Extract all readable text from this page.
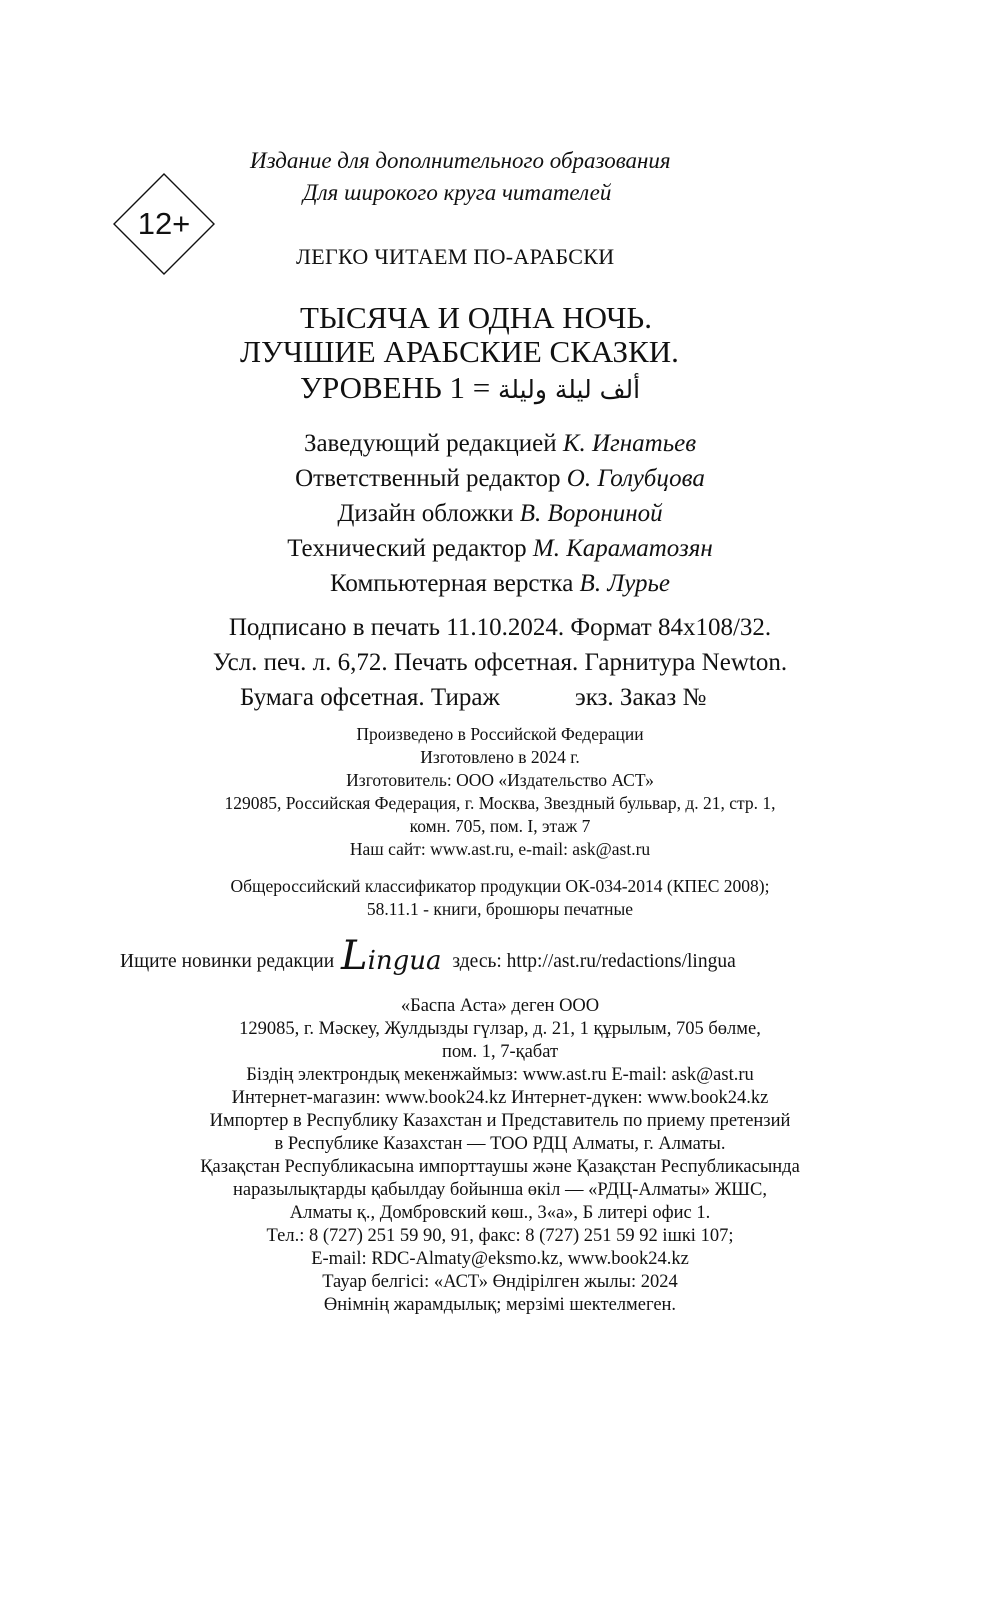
12+
Издание для дополнительного образования
Для широкого круга читателей
ЛЕГКО ЧИТАЕМ ПО-АРАБСКИ
ТЫСЯЧА И ОДНА НОЧЬ.
ЛУЧШИЕ АРАБСКИЕ СКАЗКИ.
УРОВЕНЬ 1 = ألف ليلة وليلة
Заведующий редакцией К. Игнатьев
Ответственный редактор О. Голубцова
Дизайн обложки В. Ворониной
Технический редактор М. Караматозян
Компьютерная верстка В. Лурье
Подписано в печать 11.10.2024. Формат 84х108/32.
Усл. печ. л. 6,72. Печать офсетная. Гарнитура Newton.
Бумага офсетная. Тираж	экз. Заказ №
Произведено в Российской Федерации
Изготовлено в 2024 г.
Изготовитель: ООО «Издательство АСТ»
129085, Российская Федерация, г. Москва, Звездный бульвар, д. 21, стр. 1,
комн. 705, пом. I, этаж 7
Наш сайт: www.ast.ru, e-mail: ask@ast.ru
Общероссийский классификатор продукции ОК-034-2014 (КПЕС 2008);
58.11.1 - книги, брошюры печатные
Ищите новинки редакции Lingua здесь: http://ast.ru/redactions/lingua
«Баспа Аста» деген ООО
129085, г. Мәскеу, Жулдызды гүлзар, д. 21, 1 құрылым, 705 бөлме,
пом. 1, 7-қабат
Біздің электрондық мекенжаймыз: www.ast.ru E-mail: ask@ast.ru
Интернет-магазин: www.book24.kz Интернет-дүкен: www.book24.kz
Импортер в Республику Казахстан и Представитель по приему претензий
в Республике Казахстан — ТОО РДЦ Алматы, г. Алматы.
Қазақстан Республикасына импорттаушы және Қазақстан Республикасында
наразылықтарды қабылдау бойынша өкіл — «РДЦ-Алматы» ЖШС,
Алматы қ., Домбровский көш., 3«а», Б литері офис 1.
Тел.: 8 (727) 251 59 90, 91, факс: 8 (727) 251 59 92 ішкі 107;
E-mail: RDC-Almaty@eksmo.kz, www.book24.kz
Тауар белгісі: «АСТ» Өндірілген жылы: 2024
Өнімнің жарамдылық; мерзімі шектелмеген.
